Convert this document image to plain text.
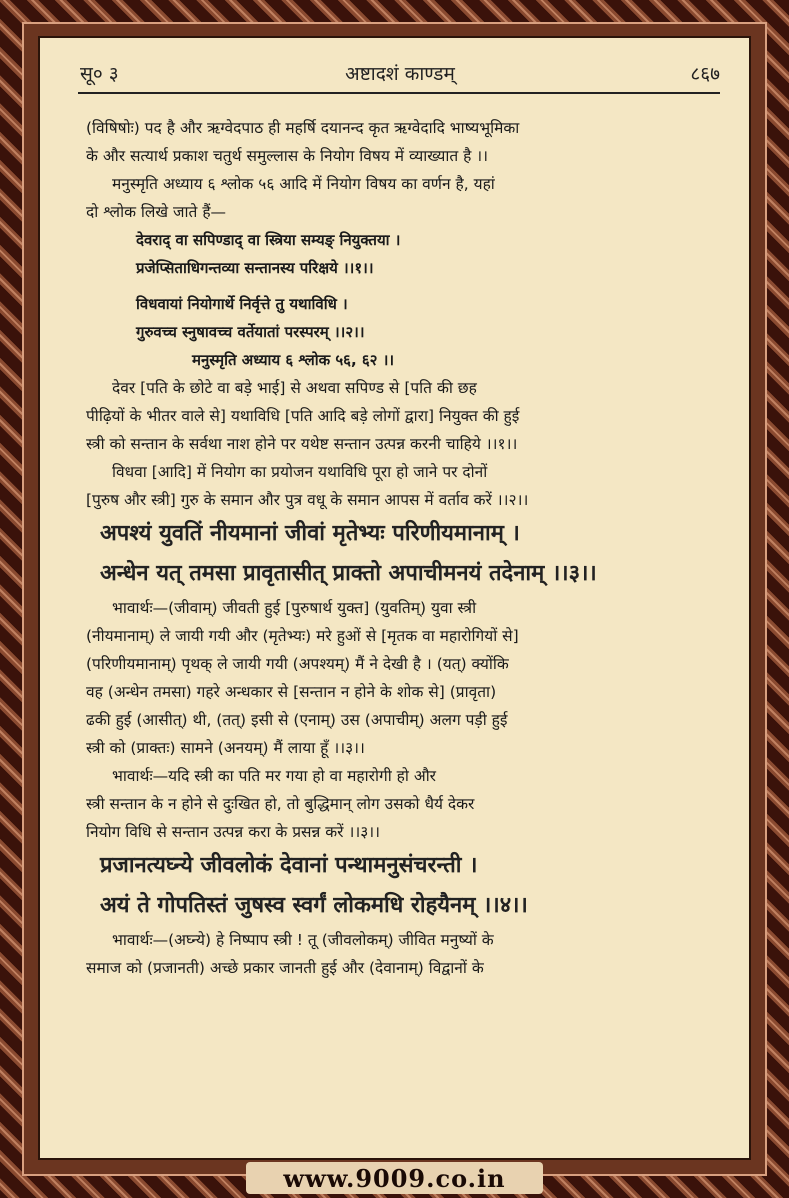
सू० ३	अष्टादशं काण्डम्	८६७
(विषिषोः) पद है और ऋग्वेदपाठ ही महर्षि दयानन्द कृत ऋग्वेदादि भाष्यभूमिका
के और सत्यार्थ प्रकाश चतुर्थ समुल्लास के नियोग विषय में व्याख्यात है ।।
मनुस्मृति अध्याय ६ श्लोक ५६ आदि में नियोग विषय का वर्णन है, यहां
दो श्लोक लिखे जाते हैं—
देवराद् वा सपिण्डाद् वा स्त्रिया सम्यङ् नियुक्तया ।
प्रजेप्सिताधिगन्तव्या सन्तानस्य परिक्षये ।।१।।
विधवायां नियोगार्थे निर्वृत्ते तु यथाविधि ।
गुरुवच्च स्नुषावच्च वर्तेयातां परस्परम् ।।२।।
मनुस्मृति अध्याय ६ श्लोक ५६, ६२ ।।
देवर [पति के छोटे वा बड़े भाई] से अथवा सपिण्ड से [पति की छह
पीढ़ियों के भीतर वाले से] यथाविधि [पति आदि बड़े लोगों द्वारा] नियुक्त की हुई
स्त्री को सन्तान के सर्वथा नाश होने पर यथेष्ट सन्तान उत्पन्न करनी चाहिये ।।१।।
विधवा [आदि] में नियोग का प्रयोजन यथाविधि पूरा हो जाने पर दोनों
[पुरुष और स्त्री] गुरु के समान और पुत्र वधू के समान आपस में वर्ताव करें ।।२।।
अपश्यं युवतिं नीयमानां जीवां मृतेभ्यः परिणीयमानाम् ।
अन्धेन यत् तमसा प्रावृतासीत् प्राक्तो अपाचीमनयं तदेनाम् ।।३।।
भावार्थः—(जीवाम्) जीवती हुई [पुरुषार्थ युक्त] (युवतिम्) युवा स्त्री
(नीयमानाम्) ले जायी गयी और (मृतेभ्यः) मरे हुओं से [मृतक वा महारोगियों से]
(परिणीयमानाम्) पृथक् ले जायी गयी (अपश्यम्) मैं ने देखी है । (यत्) क्योंकि
वह (अन्धेन तमसा) गहरे अन्धकार से [सन्तान न होने के शोक से] (प्रावृता)
ढकी हुई (आसीत्) थी, (तत्) इसी से (एनाम्) उस (अपाचीम्) अलग पड़ी हुई
स्त्री को (प्राक्तः) सामने (अनयम्) मैं लाया हूँ ।।३।।
भावार्थः—यदि स्त्री का पति मर गया हो वा महारोगी हो और
स्त्री सन्तान के न होने से दुःखित हो, तो बुद्धिमान् लोग उसको धैर्य देकर
नियोग विधि से सन्तान उत्पन्न करा के प्रसन्न करें ।।३।।
प्रजानत्यघ्न्ये जीवलोकं देवानां पन्थामनुसंचरन्ती ।
अयं ते गोपतिस्तं जुषस्व स्वर्गं लोकमधि रोहयैनम् ।।४।।
भावार्थः—(अघ्न्ये) हे निष्पाप स्त्री ! तू (जीवलोकम्) जीवित मनुष्यों के
समाज को (प्रजानती) अच्छे प्रकार जानती हुई और (देवानाम्) विद्वानों के
www.9009.co.in
